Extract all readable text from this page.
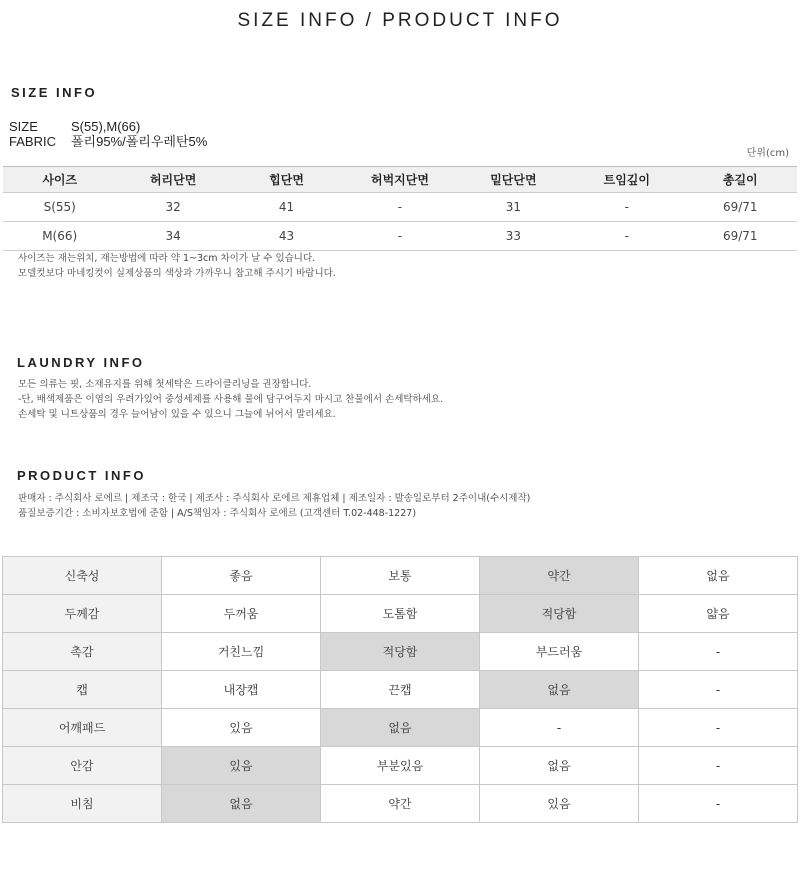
SIZE INFO / PRODUCT INFO
SIZE INFO
SIZE	S(55),M(66)
FABRIC 폴리95%/폴리우레탄5%
단위(cm)
사이즈	허리단면	힙단면	허벅지단면	밑단단면	트임깊이	총길이
S(55)	32	41	-	31	-	69/71
M(66)	34	43	-	33	-	69/71

사이즈는 재는위치, 재는방법에 따라 약 1~3cm 차이가 날 수 있습니다.

모델컷보다 마네킹컷이 실제상품의 색상과 가까우니 참고해 주시기 바랍니다.

LAUNDRY INFO

모든 의류는 핏, 소재유지를 위해 첫세탁은 드라이클리닝을 권장합니다.

-단, 배색제품은 이염의 우려가있어 중성세제를 사용해 물에 담구어두지 마시고 찬물에서 손세탁하세요.

손세탁 및 니트상품의 경우 늘어남이 있을 수 있으니 그늘에 뉘어서 말리세요.

PRODUCT INFO

판매자 : 주식회사 로에르 | 제조국 : 한국 | 제조사 : 주식회사 로에르 제휴업체 | 제조일자 : 발송일로부터 2주이내(수시제작)

품질보증기간 : 소비자보호법에 준함 | A/S책임자 : 주식회사 로에르 (고객센터 T.02-448-1227)

신축성	좋음	보통	약간	없음
두께감	두꺼움	도톰함	적당함	얇음
촉감	거친느낌	적당함	부드러움	-
캡	내장캡	끈캡	없음	-
어깨패드	있음	없음	-	-
안감	있음	부분있음	없음	-
비침	없음	약간	있음	-
